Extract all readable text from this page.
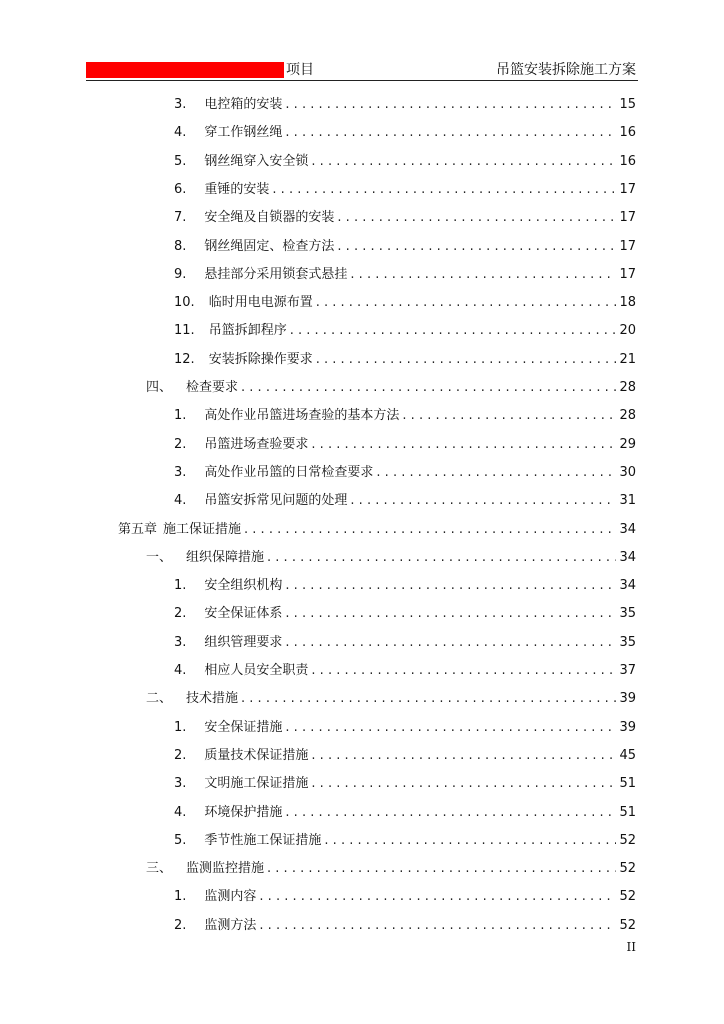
项目	吊篮安装拆除施工方案
3. 电控箱的安装 . . .	15
4. 穿工作钢丝绳 . . .	16
5. 钢丝绳穿入安全锁 . . .	16
6. 重锤的安装 . . .	17
7. 安全绳及自锁器的安装 . . .	17
8. 钢丝绳固定、检查方法 . . .	17
9. 悬挂部分采用锁套式悬挂 . . .	17
10. 临时用电电源布置 . . .	18
11. 吊篮拆卸程序 . . .	20
12. 安装拆除操作要求 . . .	21
四、 检查要求 . . .	28
1. 高处作业吊篮进场查验的基本方法 . . .	28
2. 吊篮进场查验要求 . . .	29
3. 高处作业吊篮的日常检查要求 . . .	30
4. 吊篮安拆常见问题的处理 . . .	31
第五章 施工保证措施 . . .	34
一、 组织保障措施 . . .	34
1. 安全组织机构 . . .	34
2. 安全保证体系 . . .	35
3. 组织管理要求 . . .	35
4. 相应人员安全职责 . . .	37
二、 技术措施 . . .	39
1. 安全保证措施 . . .	39
2. 质量技术保证措施 . . .	45
3. 文明施工保证措施 . . .	51
4. 环境保护措施 . . .	51
5. 季节性施工保证措施 . . .	52
三、 监测监控措施 . . .	52
1. 监测内容 . . .	52
2. 监测方法 . . .	52
II
